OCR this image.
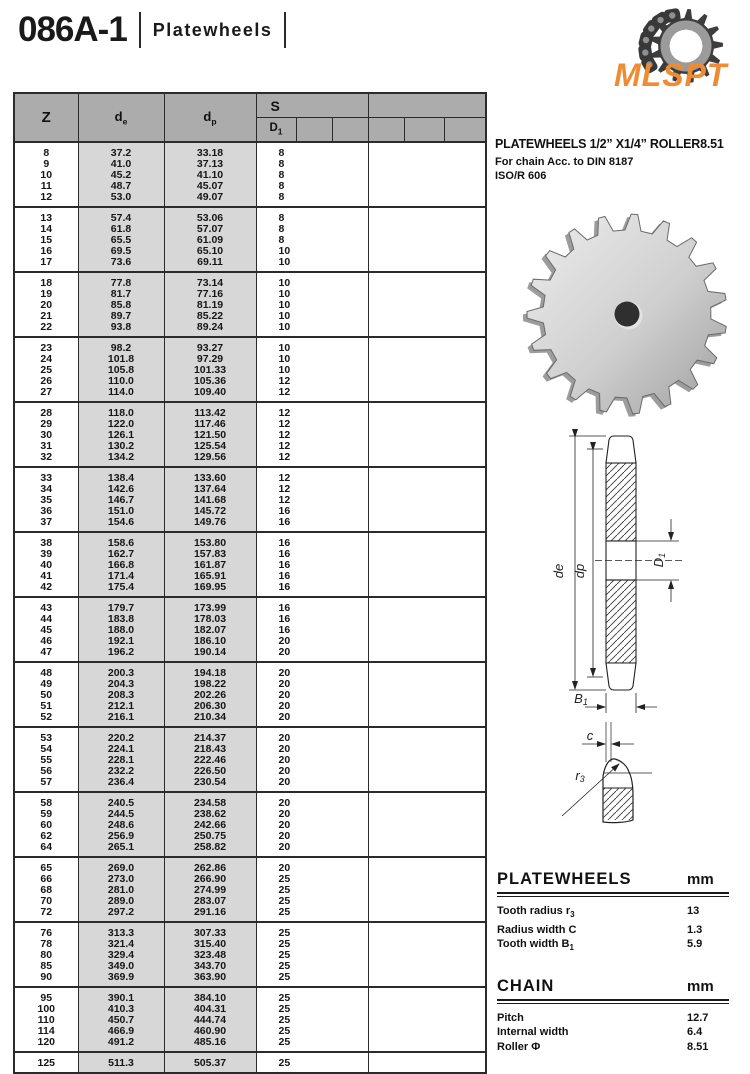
086A-1 Platewheels
MLSPT
Z	$d_e$	$d_p$	S					
			$D_1$					
8	37.2	33.18	8					
9	41.0	37.13	8					
10	45.2	41.10	8					
11	48.7	45.07	8					
12	53.0	49.07	8					
13	57.4	53.06	8					
14	61.8	57.07	8					
15	65.5	61.09	8					
16	69.5	65.10	10					
17	73.6	69.11	10					
18	77.8	73.14	10					
19	81.7	77.16	10					
20	85.8	81.19	10					
21	89.7	85.22	10					
22	93.8	89.24	10					
23	98.2	93.27	10					
24	101.8	97.29	10					
25	105.8	101.33	10					
26	110.0	105.36	12					
27	114.0	109.40	12					
28	118.0	113.42	12					
29	122.0	117.46	12					
30	126.1	121.50	12					
31	130.2	125.54	12					
32	134.2	129.56	12					
33	138.4	133.60	12					
34	142.6	137.64	12					
35	146.7	141.68	12					
36	151.0	145.72	16					
37	154.6	149.76	16					
38	158.6	153.80	16					
39	162.7	157.83	16					
40	166.8	161.87	16					
41	171.4	165.91	16					
42	175.4	169.95	16					
43	179.7	173.99	16					
44	183.8	178.03	16					
45	188.0	182.07	16					
46	192.1	186.10	20					
47	196.2	190.14	20					
48	200.3	194.18	20					
49	204.3	198.22	20					
50	208.3	202.26	20					
51	212.1	206.30	20					
52	216.1	210.34	20					
53	220.2	214.37	20					
54	224.1	218.43	20					
55	228.1	222.46	20					
56	232.2	226.50	20					
57	236.4	230.54	20					
58	240.5	234.58	20					
59	244.5	238.62	20					
60	248.6	242.66	20					
62	256.9	250.75	20					
64	265.1	258.82	20					
65	269.0	262.86	20					
66	273.0	266.90	25					
68	281.0	274.99	25					
70	289.0	283.07	25					
72	297.2	291.16	25					
76	313.3	307.33	25					
78	321.4	315.40	25					
80	329.4	323.48	25					
85	349.0	343.70	25					
90	369.9	363.90	25					
95	390.1	384.10	25					
100	410.3	404.31	25					
110	450.7	444.74	25					
114	466.9	460.90	25					
120	491.2	485.16	25					
125	511.3	505.37	25					
PLATEWHEELS 1/2” X1/4” ROLLER8.51
For chain Acc. to DIN 8187
ISO/R 606
de dp
D1
B1
c
r3
PLATEWHEELS	mm
Tooth radius $r_3$	13
Radius width C	1.3
Tooth width $B_1$	5.9
CHAIN	mm
Pitch	12.7
Internal width	6.4
Roller Φ	8.51
